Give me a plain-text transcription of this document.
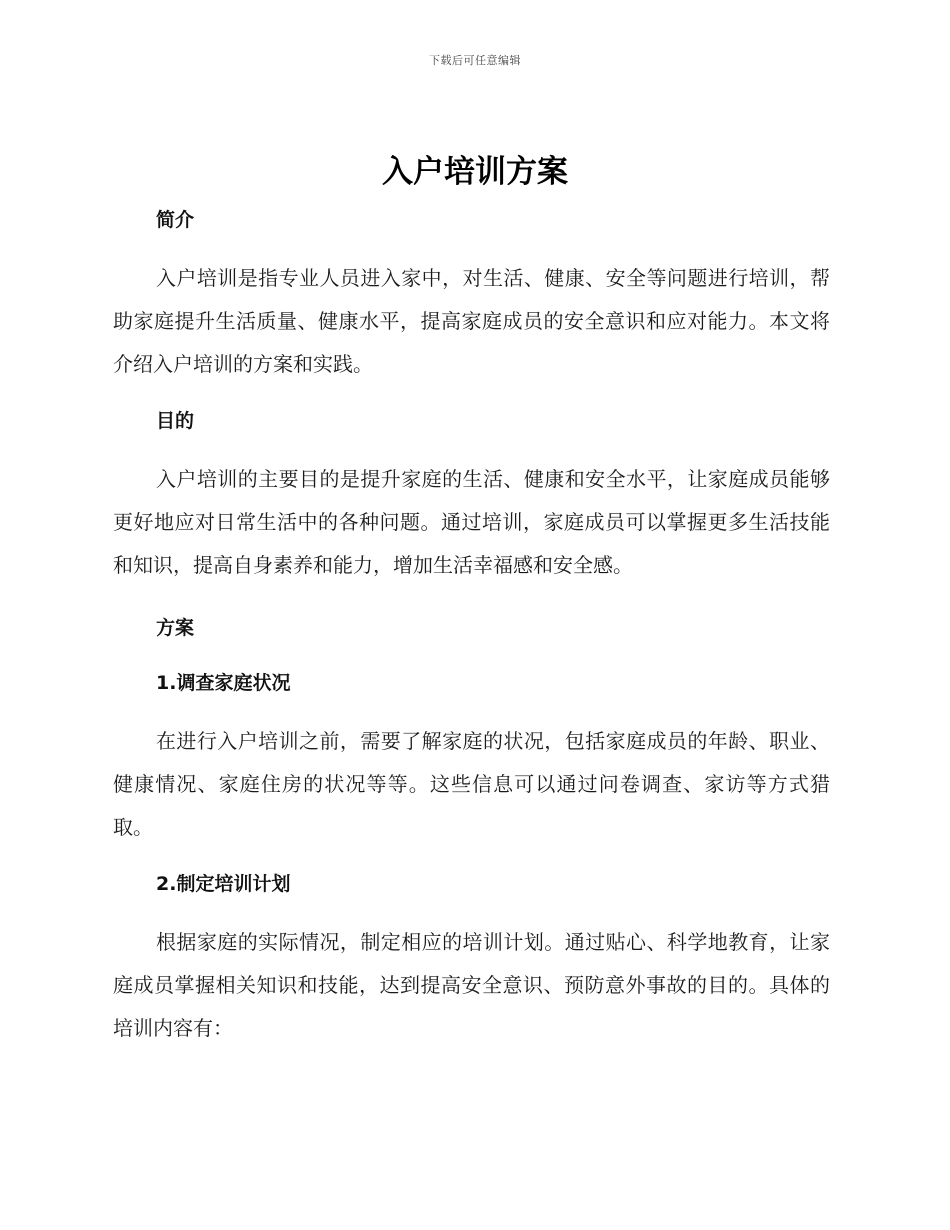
下载后可任意编辑
入户培训方案
简介

入户培训是指专业人员进入家中，对生活、健康、安全等问题进行培训，帮助家庭提升生活质量、健康水平，提高家庭成员的安全意识和应对能力。本文将介绍入户培训的方案和实践。

目的

入户培训的主要目的是提升家庭的生活、健康和安全水平，让家庭成员能够更好地应对日常生活中的各种问题。通过培训，家庭成员可以掌握更多生活技能和知识，提高自身素养和能力，增加生活幸福感和安全感。

方案
1.调查家庭状况

在进行入户培训之前，需要了解家庭的状况，包括家庭成员的年龄、职业、健康情况、家庭住房的状况等等。这些信息可以通过问卷调查、家访等方式猎取。

2.制定培训计划

根据家庭的实际情况，制定相应的培训计划。通过贴心、科学地教育，让家庭成员掌握相关知识和技能，达到提高安全意识、预防意外事故的目的。具体的培训内容有：
